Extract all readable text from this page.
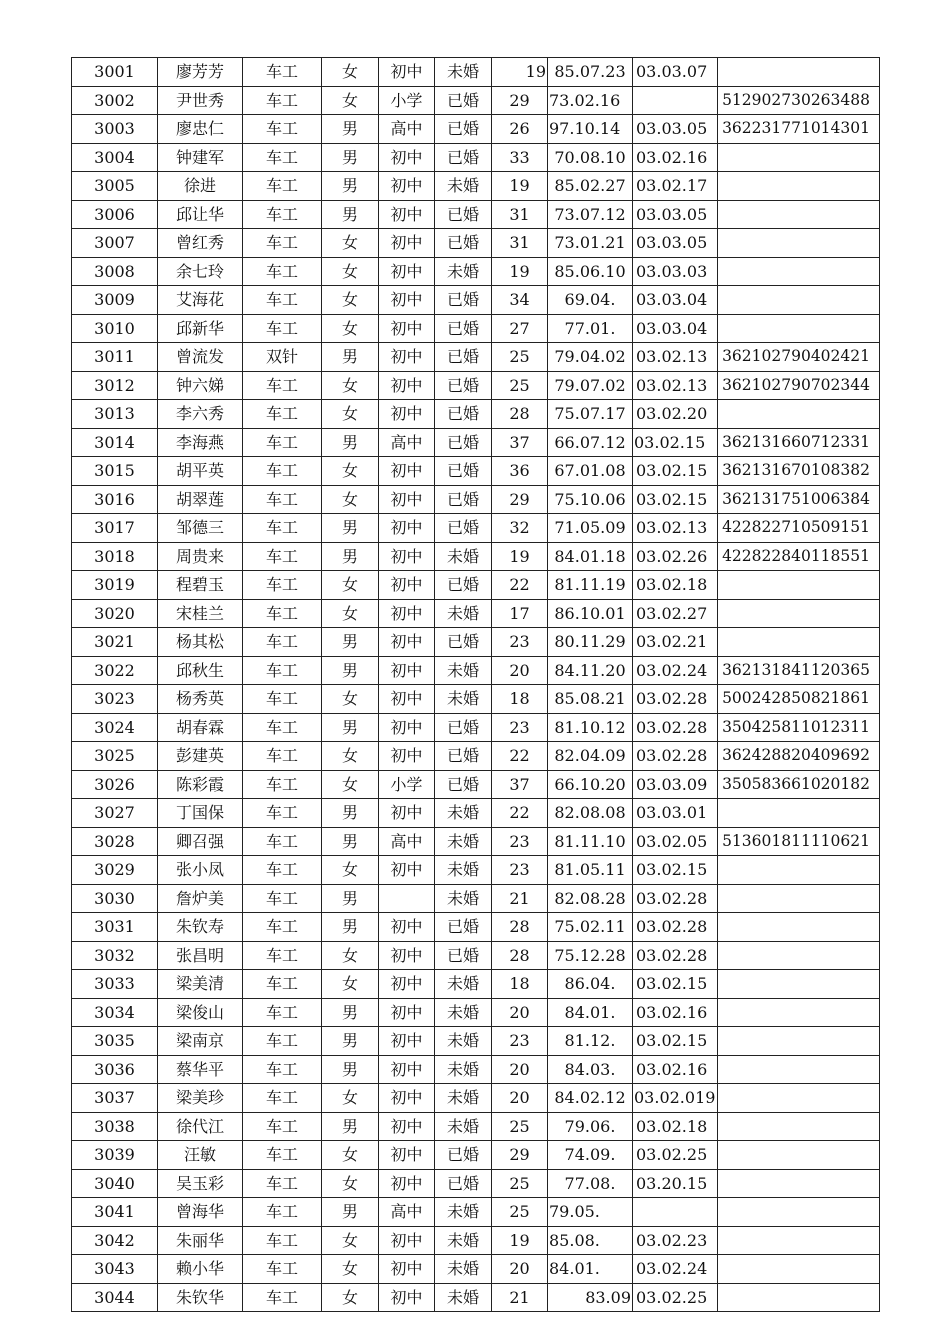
3001	廖芳芳	车工	女	初中	未婚	19	85.07.23	03.03.07	
3002	尹世秀	车工	女	小学	已婚	29	73.02.16		512902730263488
3003	廖忠仁	车工	男	高中	已婚	26	97.10.14	03.03.05	362231771014301
3004	钟建军	车工	男	初中	已婚	33	70.08.10	03.02.16	
3005	徐进	车工	男	初中	未婚	19	85.02.27	03.02.17	
3006	邱让华	车工	男	初中	已婚	31	73.07.12	03.03.05	
3007	曾红秀	车工	女	初中	已婚	31	73.01.21	03.03.05	
3008	余七玲	车工	女	初中	未婚	19	85.06.10	03.03.03	
3009	艾海花	车工	女	初中	已婚	34	69.04.	03.03.04	
3010	邱新华	车工	女	初中	已婚	27	77.01.	03.03.04	
3011	曾流发	双针	男	初中	已婚	25	79.04.02	03.02.13	362102790402421
3012	钟六娣	车工	女	初中	已婚	25	79.07.02	03.02.13	362102790702344
3013	李六秀	车工	女	初中	已婚	28	75.07.17	03.02.20	
3014	李海燕	车工	男	高中	已婚	37	66.07.12	03.02.15	362131660712331
3015	胡平英	车工	女	初中	已婚	36	67.01.08	03.02.15	362131670108382
3016	胡翠莲	车工	女	初中	已婚	29	75.10.06	03.02.15	362131751006384
3017	邹德三	车工	男	初中	已婚	32	71.05.09	03.02.13	422822710509151
3018	周贵来	车工	男	初中	未婚	19	84.01.18	03.02.26	422822840118551
3019	程碧玉	车工	女	初中	已婚	22	81.11.19	03.02.18	
3020	宋桂兰	车工	女	初中	未婚	17	86.10.01	03.02.27	
3021	杨其松	车工	男	初中	已婚	23	80.11.29	03.02.21	
3022	邱秋生	车工	男	初中	未婚	20	84.11.20	03.02.24	362131841120365
3023	杨秀英	车工	女	初中	未婚	18	85.08.21	03.02.28	500242850821861
3024	胡春霖	车工	男	初中	已婚	23	81.10.12	03.02.28	350425811012311
3025	彭建英	车工	女	初中	已婚	22	82.04.09	03.02.28	362428820409692
3026	陈彩霞	车工	女	小学	已婚	37	66.10.20	03.03.09	350583661020182
3027	丁国保	车工	男	初中	未婚	22	82.08.08	03.03.01	
3028	卿召强	车工	男	高中	未婚	23	81.11.10	03.02.05	513601811110621
3029	张小凤	车工	女	初中	未婚	23	81.05.11	03.02.15	
3030	詹炉美	车工	男		未婚	21	82.08.28	03.02.28	
3031	朱钦寿	车工	男	初中	已婚	28	75.02.11	03.02.28	
3032	张昌明	车工	女	初中	已婚	28	75.12.28	03.02.28	
3033	梁美清	车工	女	初中	未婚	18	86.04.	03.02.15	
3034	梁俊山	车工	男	初中	未婚	20	84.01.	03.02.16	
3035	梁南京	车工	男	初中	未婚	23	81.12.	03.02.15	
3036	蔡华平	车工	男	初中	未婚	20	84.03.	03.02.16	
3037	梁美珍	车工	女	初中	未婚	20	84.02.12	03.02.019	
3038	徐代江	车工	男	初中	未婚	25	79.06.	03.02.18	
3039	汪敏	车工	女	初中	已婚	29	74.09.	03.02.25	
3040	吴玉彩	车工	女	初中	已婚	25	77.08.	03.20.15	
3041	曾海华	车工	男	高中	未婚	25	79.05.		
3042	朱丽华	车工	女	初中	未婚	19	85.08.	03.02.23	
3043	赖小华	车工	女	初中	未婚	20	84.01.	03.02.24	
3044	朱钦华	车工	女	初中	未婚	21	83.09	03.02.25	
